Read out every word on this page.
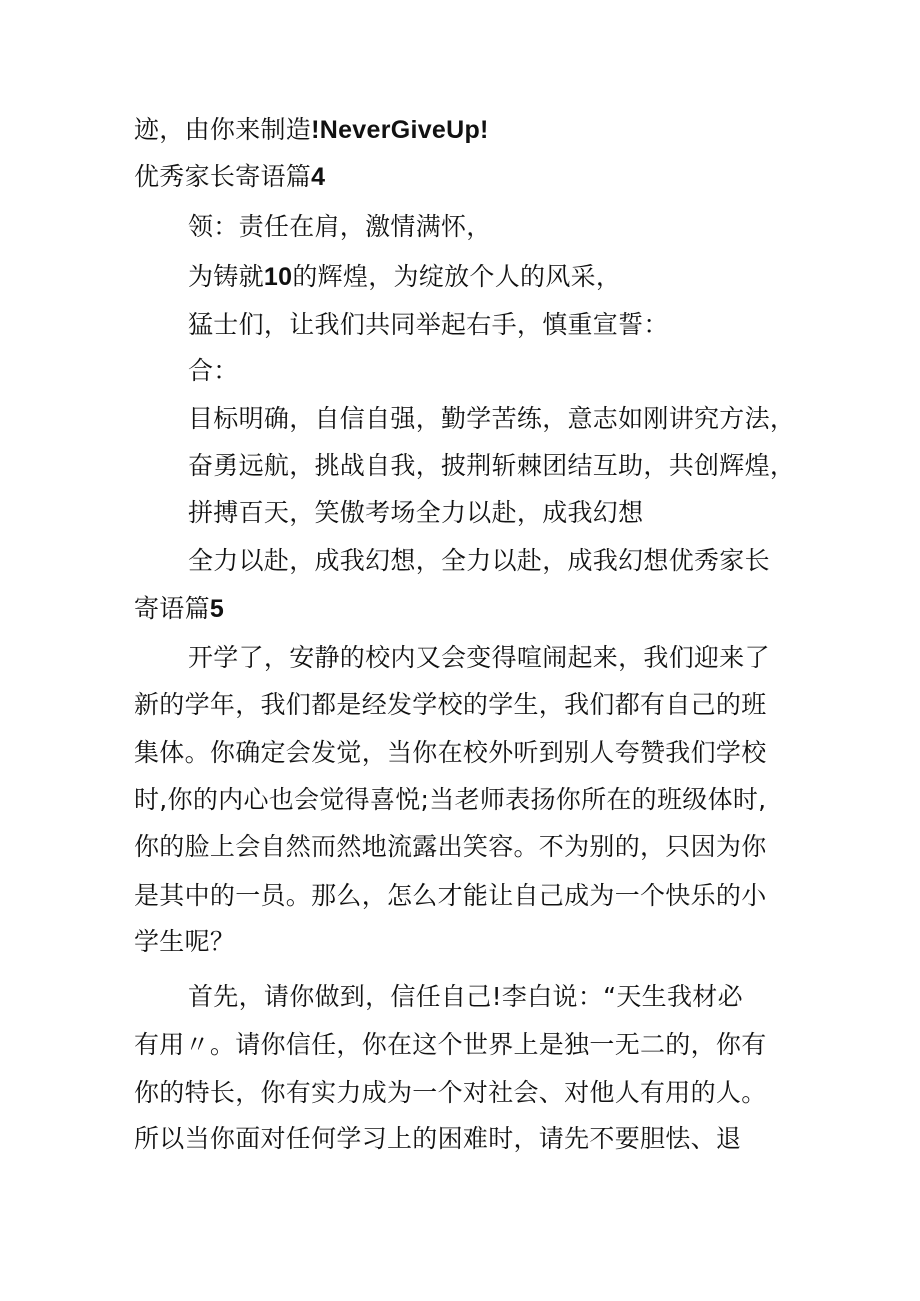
迹，由你来制造!NeverGiveUp!
优秀家长寄语篇4
领：责任在肩，激情满怀，
为铸就10的辉煌，为绽放个人的风采，
猛士们，让我们共同举起右手，慎重宣誓：
合：
目标明确，自信自强，勤学苦练，意志如刚讲究方法，
奋勇远航，挑战自我，披荆斩棘团结互助，共创辉煌，
拼搏百天，笑傲考场全力以赴，成我幻想
全力以赴，成我幻想，全力以赴，成我幻想优秀家长
寄语篇5
开学了，安静的校内又会变得喧闹起来，我们迎来了
新的学年，我们都是经发学校的学生，我们都有自己的班
集体。你确定会发觉，当你在校外听到别人夸赞我们学校
时,你的内心也会觉得喜悦;当老师表扬你所在的班级体时,
你的脸上会自然而然地流露出笑容。不为别的，只因为你
是其中的一员。那么，怎么才能让自己成为一个快乐的小
学生呢？
首先，请你做到，信任自己!李白说：“天生我材必
有用〃。请你信任，你在这个世界上是独一无二的，你有
你的特长，你有实力成为一个对社会、对他人有用的人。
所以当你面对任何学习上的困难时，请先不要胆怯、退
